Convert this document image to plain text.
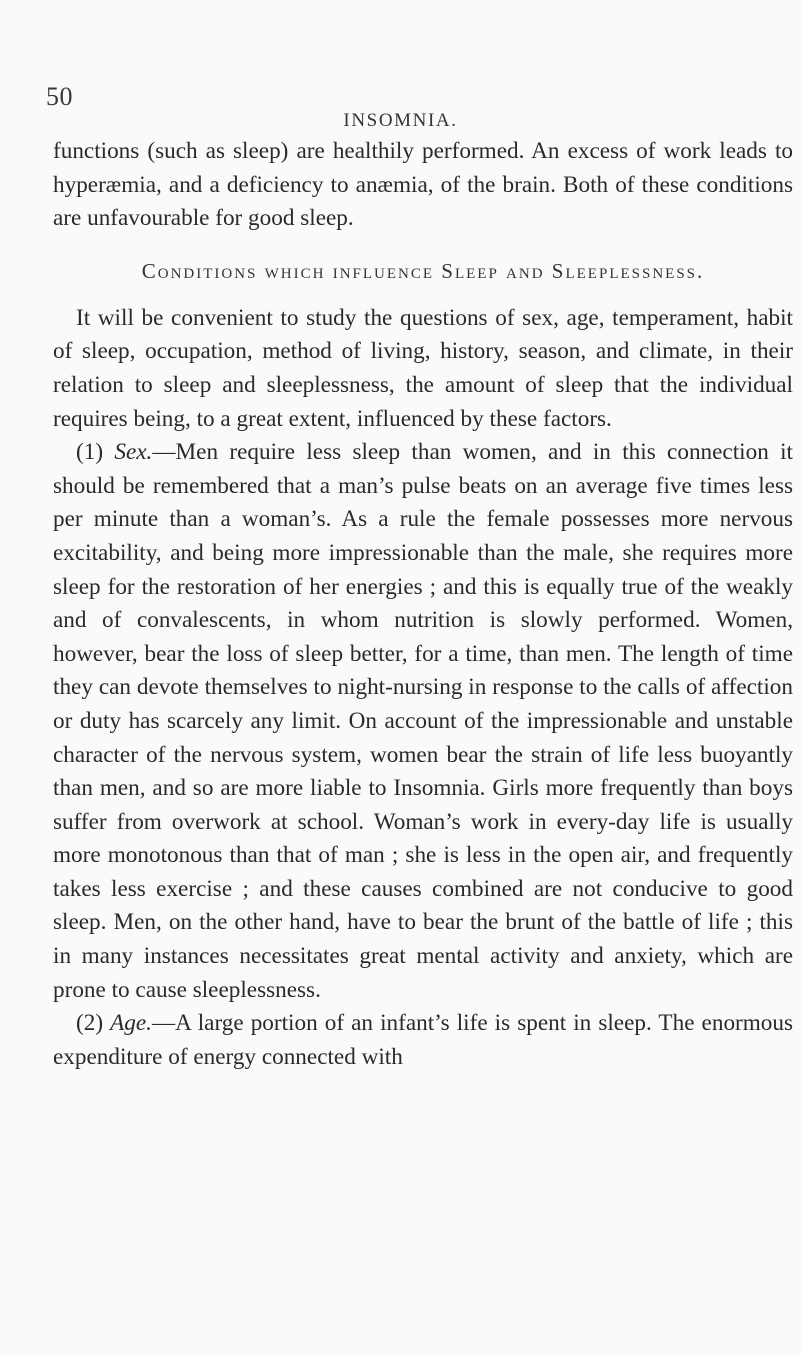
50
INSOMNIA.

functions (such as sleep) are healthily performed. An excess of work leads to hyperæmia, and a deficiency to anæmia, of the brain. Both of these conditions are unfavourable for good sleep.

Conditions which influence Sleep and Sleeplessness.

It will be convenient to study the questions of sex, age, temperament, habit of sleep, occupation, method of living, history, season, and climate, in their relation to sleep and sleeplessness, the amount of sleep that the individual requires being, to a great extent, influenced by these factors.

(1) Sex.—Men require less sleep than women, and in this connection it should be remembered that a man’s pulse beats on an average five times less per minute than a woman’s. As a rule the female possesses more nervous excitability, and being more impressionable than the male, she requires more sleep for the restoration of her energies ; and this is equally true of the weakly and of convalescents, in whom nutrition is slowly performed. Women, however, bear the loss of sleep better, for a time, than men. The length of time they can devote themselves to night-nursing in response to the calls of affection or duty has scarcely any limit. On account of the impressionable and unstable character of the nervous system, women bear the strain of life less buoyantly than men, and so are more liable to Insomnia. Girls more frequently than boys suffer from overwork at school. Woman’s work in every-day life is usually more monotonous than that of man ; she is less in the open air, and frequently takes less exercise ; and these causes combined are not conducive to good sleep. Men, on the other hand, have to bear the brunt of the battle of life ; this in many instances necessitates great mental activity and anxiety, which are prone to cause sleeplessness.

(2) Age.—A large portion of an infant’s life is spent in sleep. The enormous expenditure of energy connected with
